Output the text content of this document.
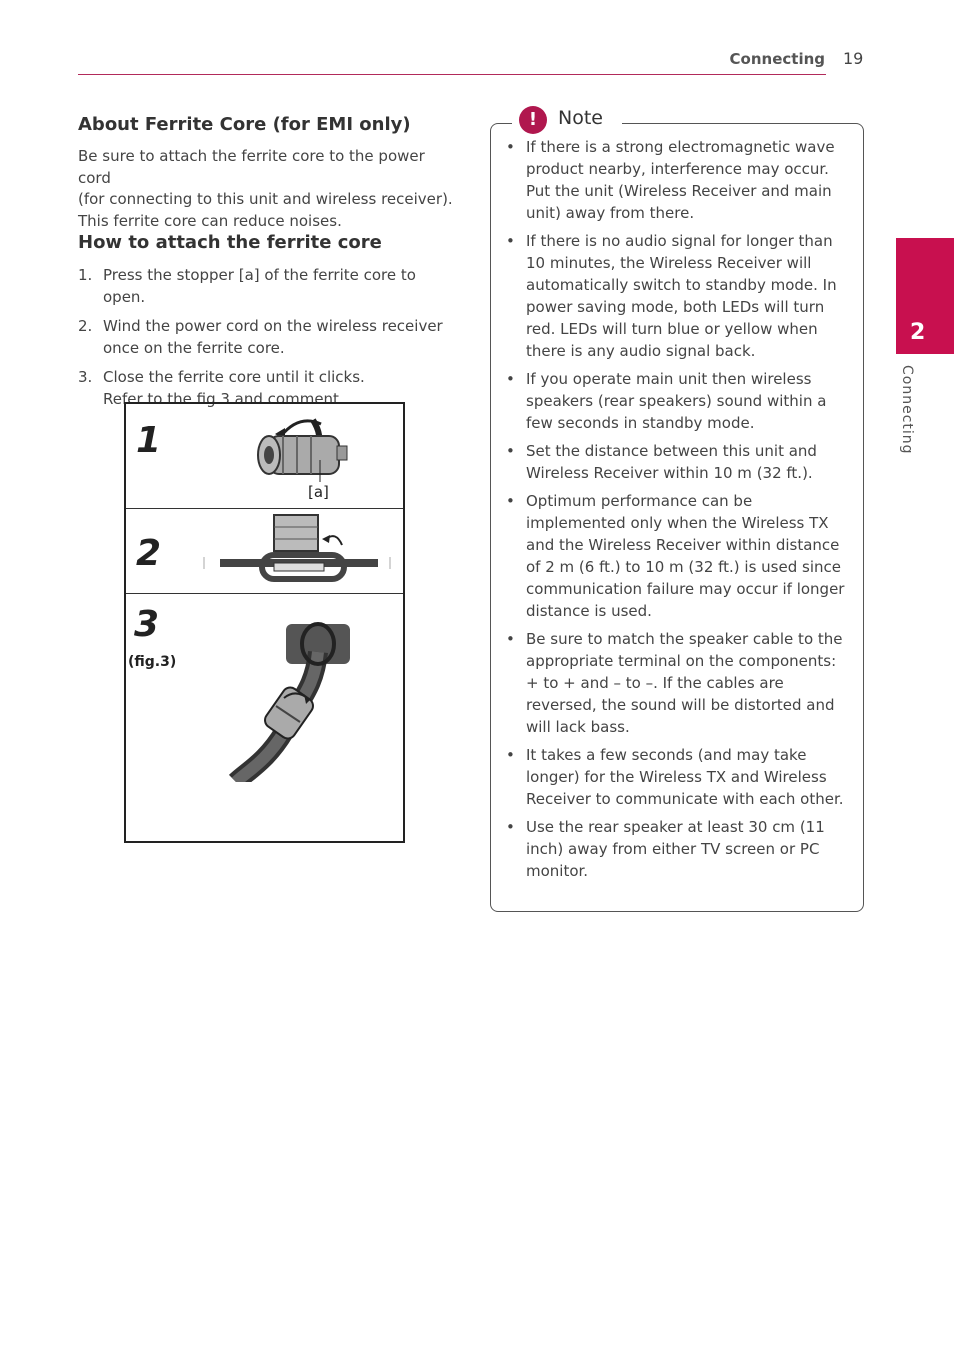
Connecting 19
About Ferrite Core (for EMI only)
Be sure to attach the ferrite core to the power cord
(for connecting to this unit and wireless receiver).
This ferrite core can reduce noises.
How to attach the ferrite core
1. Press the stopper [a] of the ferrite core to open.
2. Wind the power cord on the wireless receiver
once on the ferrite core.
3. Close the ferrite core until it clicks.
Refer to the fig.3 and comment.
1
[a]
2
3
(fig.3)
!	Note
• If there is a strong electromagnetic wave product nearby, interference may occur. Put the unit (Wireless Receiver and main unit) away from there.
• If there is no audio signal for longer than 10 minutes, the Wireless Receiver will automatically switch to standby mode. In power saving mode, both LEDs will turn red. LEDs will turn blue or yellow when there is any audio signal back.
• If you operate main unit then wireless speakers (rear speakers) sound within a few seconds in standby mode.
• Set the distance between this unit and Wireless Receiver within 10 m (32 ft.).
• Optimum performance can be implemented only when the Wireless TX and the Wireless Receiver within distance of 2 m (6 ft.) to 10 m (32 ft.) is used since communication failure may occur if longer distance is used.
• Be sure to match the speaker cable to the appropriate terminal on the components: + to + and – to –. If the cables are reversed, the sound will be distorted and will lack bass.
• It takes a few seconds (and may take longer) for the Wireless TX and Wireless Receiver to communicate with each other.
• Use the rear speaker at least 30 cm (11 inch) away from either TV screen or PC monitor.
2
Connecting
